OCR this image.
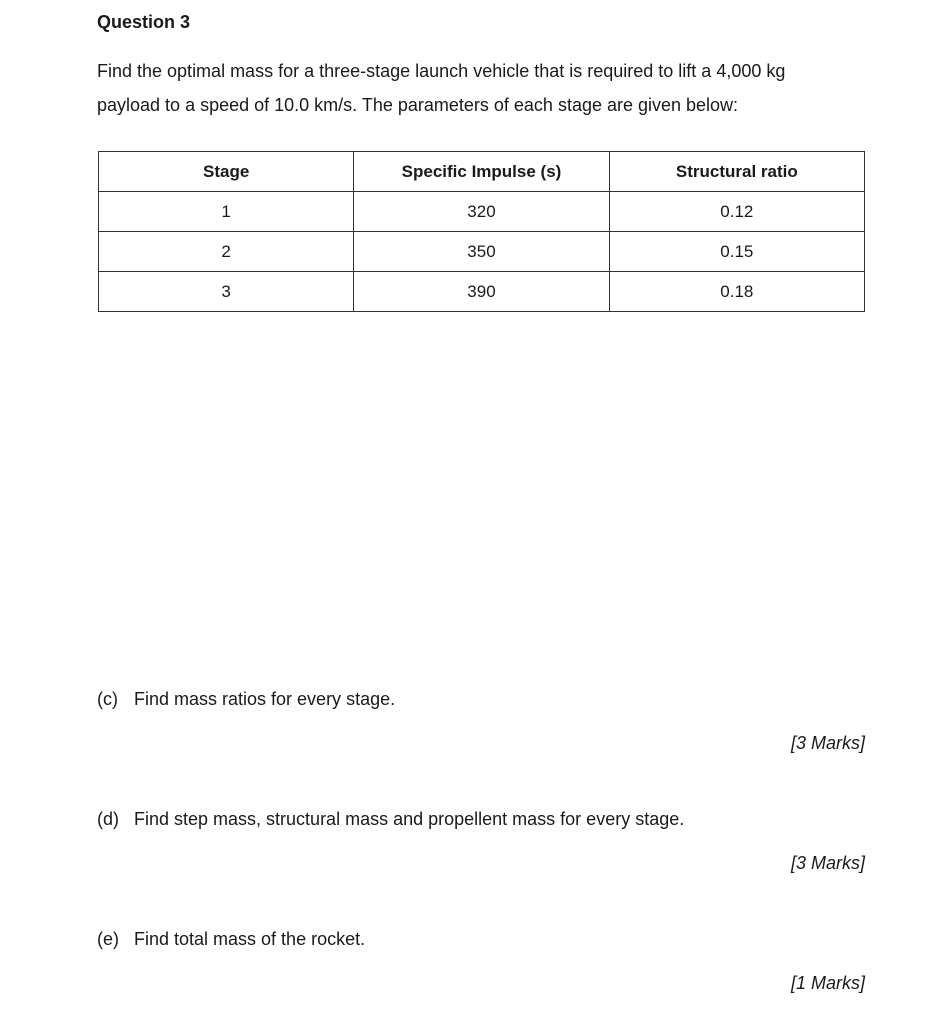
Question 3
Find the optimal mass for a three-stage launch vehicle that is required to lift a 4,000 kg
payload to a speed of 10.0 km/s. The parameters of each stage are given below:
Stage	Specific Impulse (s)	Structural ratio
1	320	0.12
2	350	0.15
3	390	0.18
(c) Find mass ratios for every stage.
[3 Marks]
(d) Find step mass, structural mass and propellent mass for every stage.
[3 Marks]
(e) Find total mass of the rocket.
[1 Marks]
